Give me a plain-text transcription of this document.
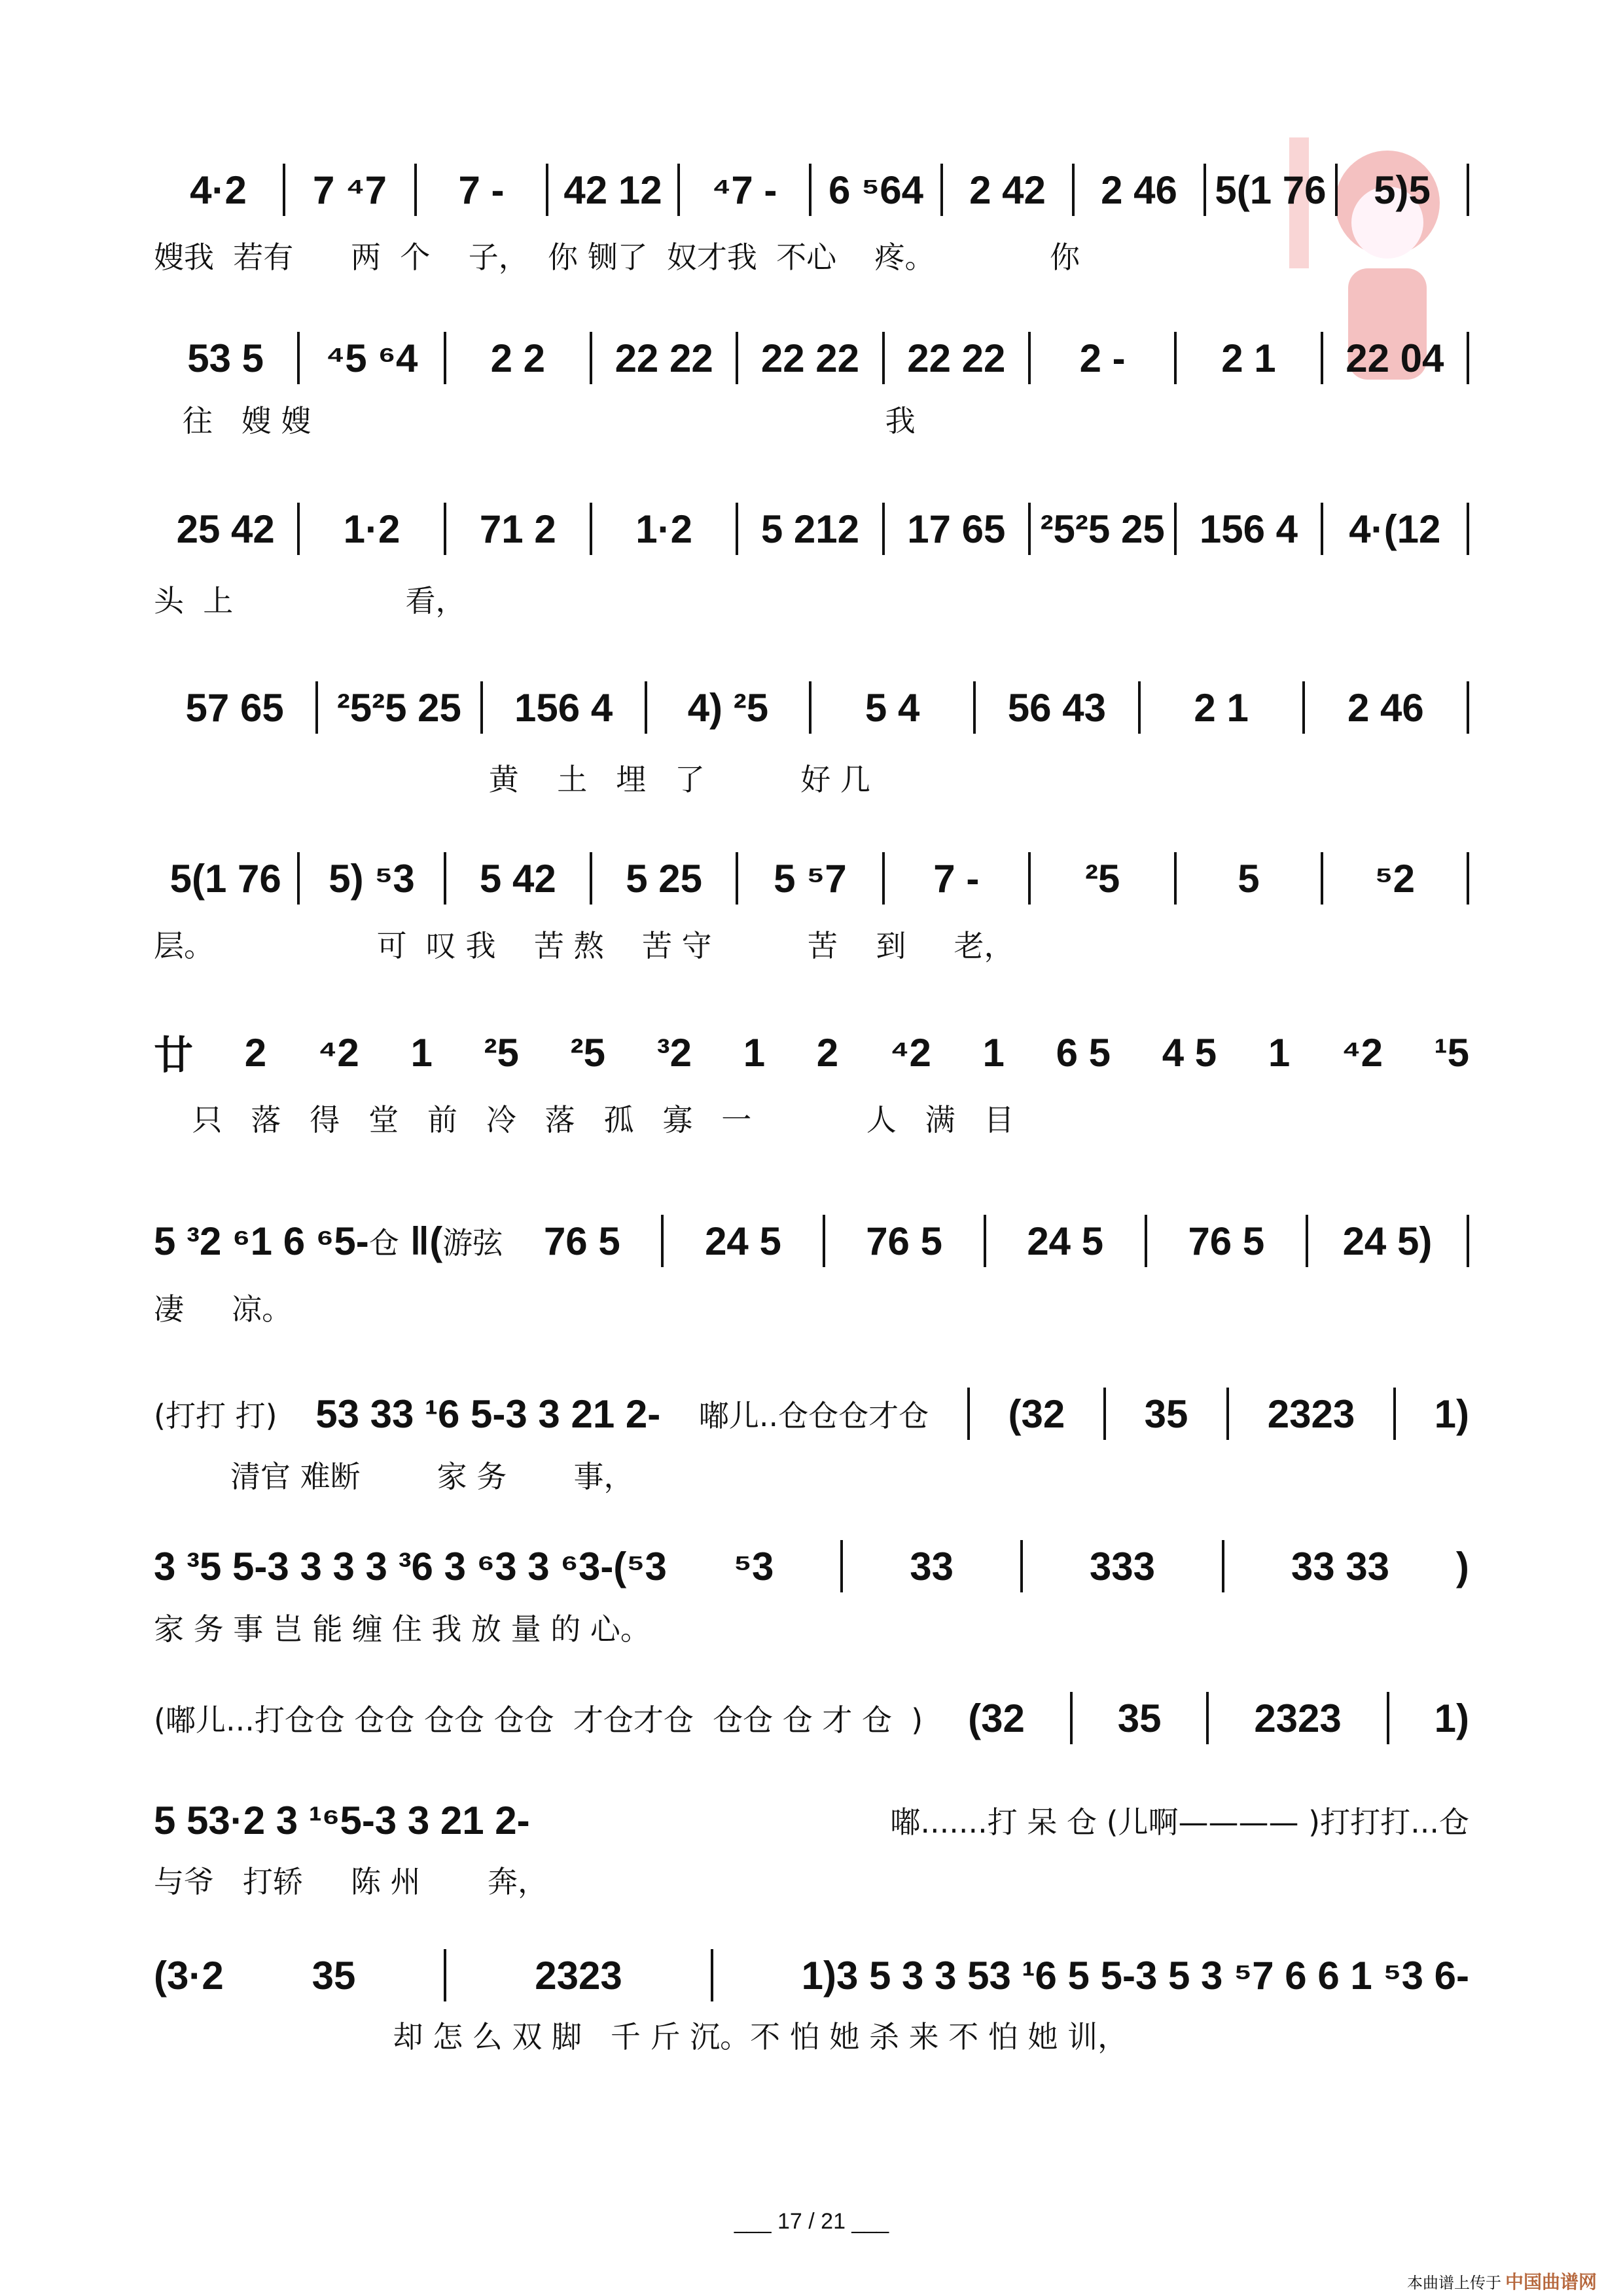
4·2	7 ⁴7	7 -	42 12	⁴7 -	6 ⁵64	2 42	2 46 5(1 76	5)5
嫂我  若有      两  个    子，  你 铡了  奴才我  不心    疼。            你
53 5	⁴5 ⁶4	2 2	22 22	22 22	22 22	2 -	2 1	22 04
往   嫂 嫂                                                            我
25 42	1·2	71 2	1·2	5 212	17 65 ²5²5 25 156 4	4·(12
头  上                  看，
57 65	²5²5 25	156 4	4) ²5	5 4	56 43	2 1	2 46
黄    土   埋   了          好 几
5(1 76	5) ⁵3	5 42	5 25	5 ⁵7	7 -	²5	5	⁵2
层。                 可  叹 我    苦 熬    苦 守          苦    到     老，
廿 2 ⁴2 1 ²5 ²5 ³2 1 2 ⁴2 1 6 5 4 5 1 ⁴2 ¹5
只   落   得   堂   前   冷   落   孤   寡   一            人   满   目
5 ³2 ⁶1 6 ⁶5- 仓 ‖( 游弦	76 5	24 5	76 5	24 5	76 5	24 5)
凄     凉。
(打打 打) 53 33 ¹6 5-3 3 21 2- 嘟儿..仓仓仓才仓 (32 35 2323 1)
清官 难断        家 务       事，
3 ³5 5-3 3 3 3 ³6 3 ⁶3 3 ⁶3-(⁵3 ⁵3	33	333	33 33 )
家 务 事 岂 能 缠 住 我 放 量 的 心。
(嘟儿...打仓仓 仓仓 仓仓 仓仓  才仓才仓  仓仓 仓 才 仓  ) (32 35 2323 1)
5 53·2 3 ¹⁶5-3 3 21 2-	嘟.......打 呆 仓 (儿啊———— )打打打...仓
与爷   打轿     陈 州       奔，
(3·2 35	2323	1)3 5 3 3 53 ¹6 5 5-3 5 3 ⁵7 6 6 1 ⁵3 6-
却 怎 么 双 脚   千 斤 沉。不 怕 她 杀 来 不 怕 她 训，
___ 17 / 21 ___
本曲谱上传于 中国曲谱网
